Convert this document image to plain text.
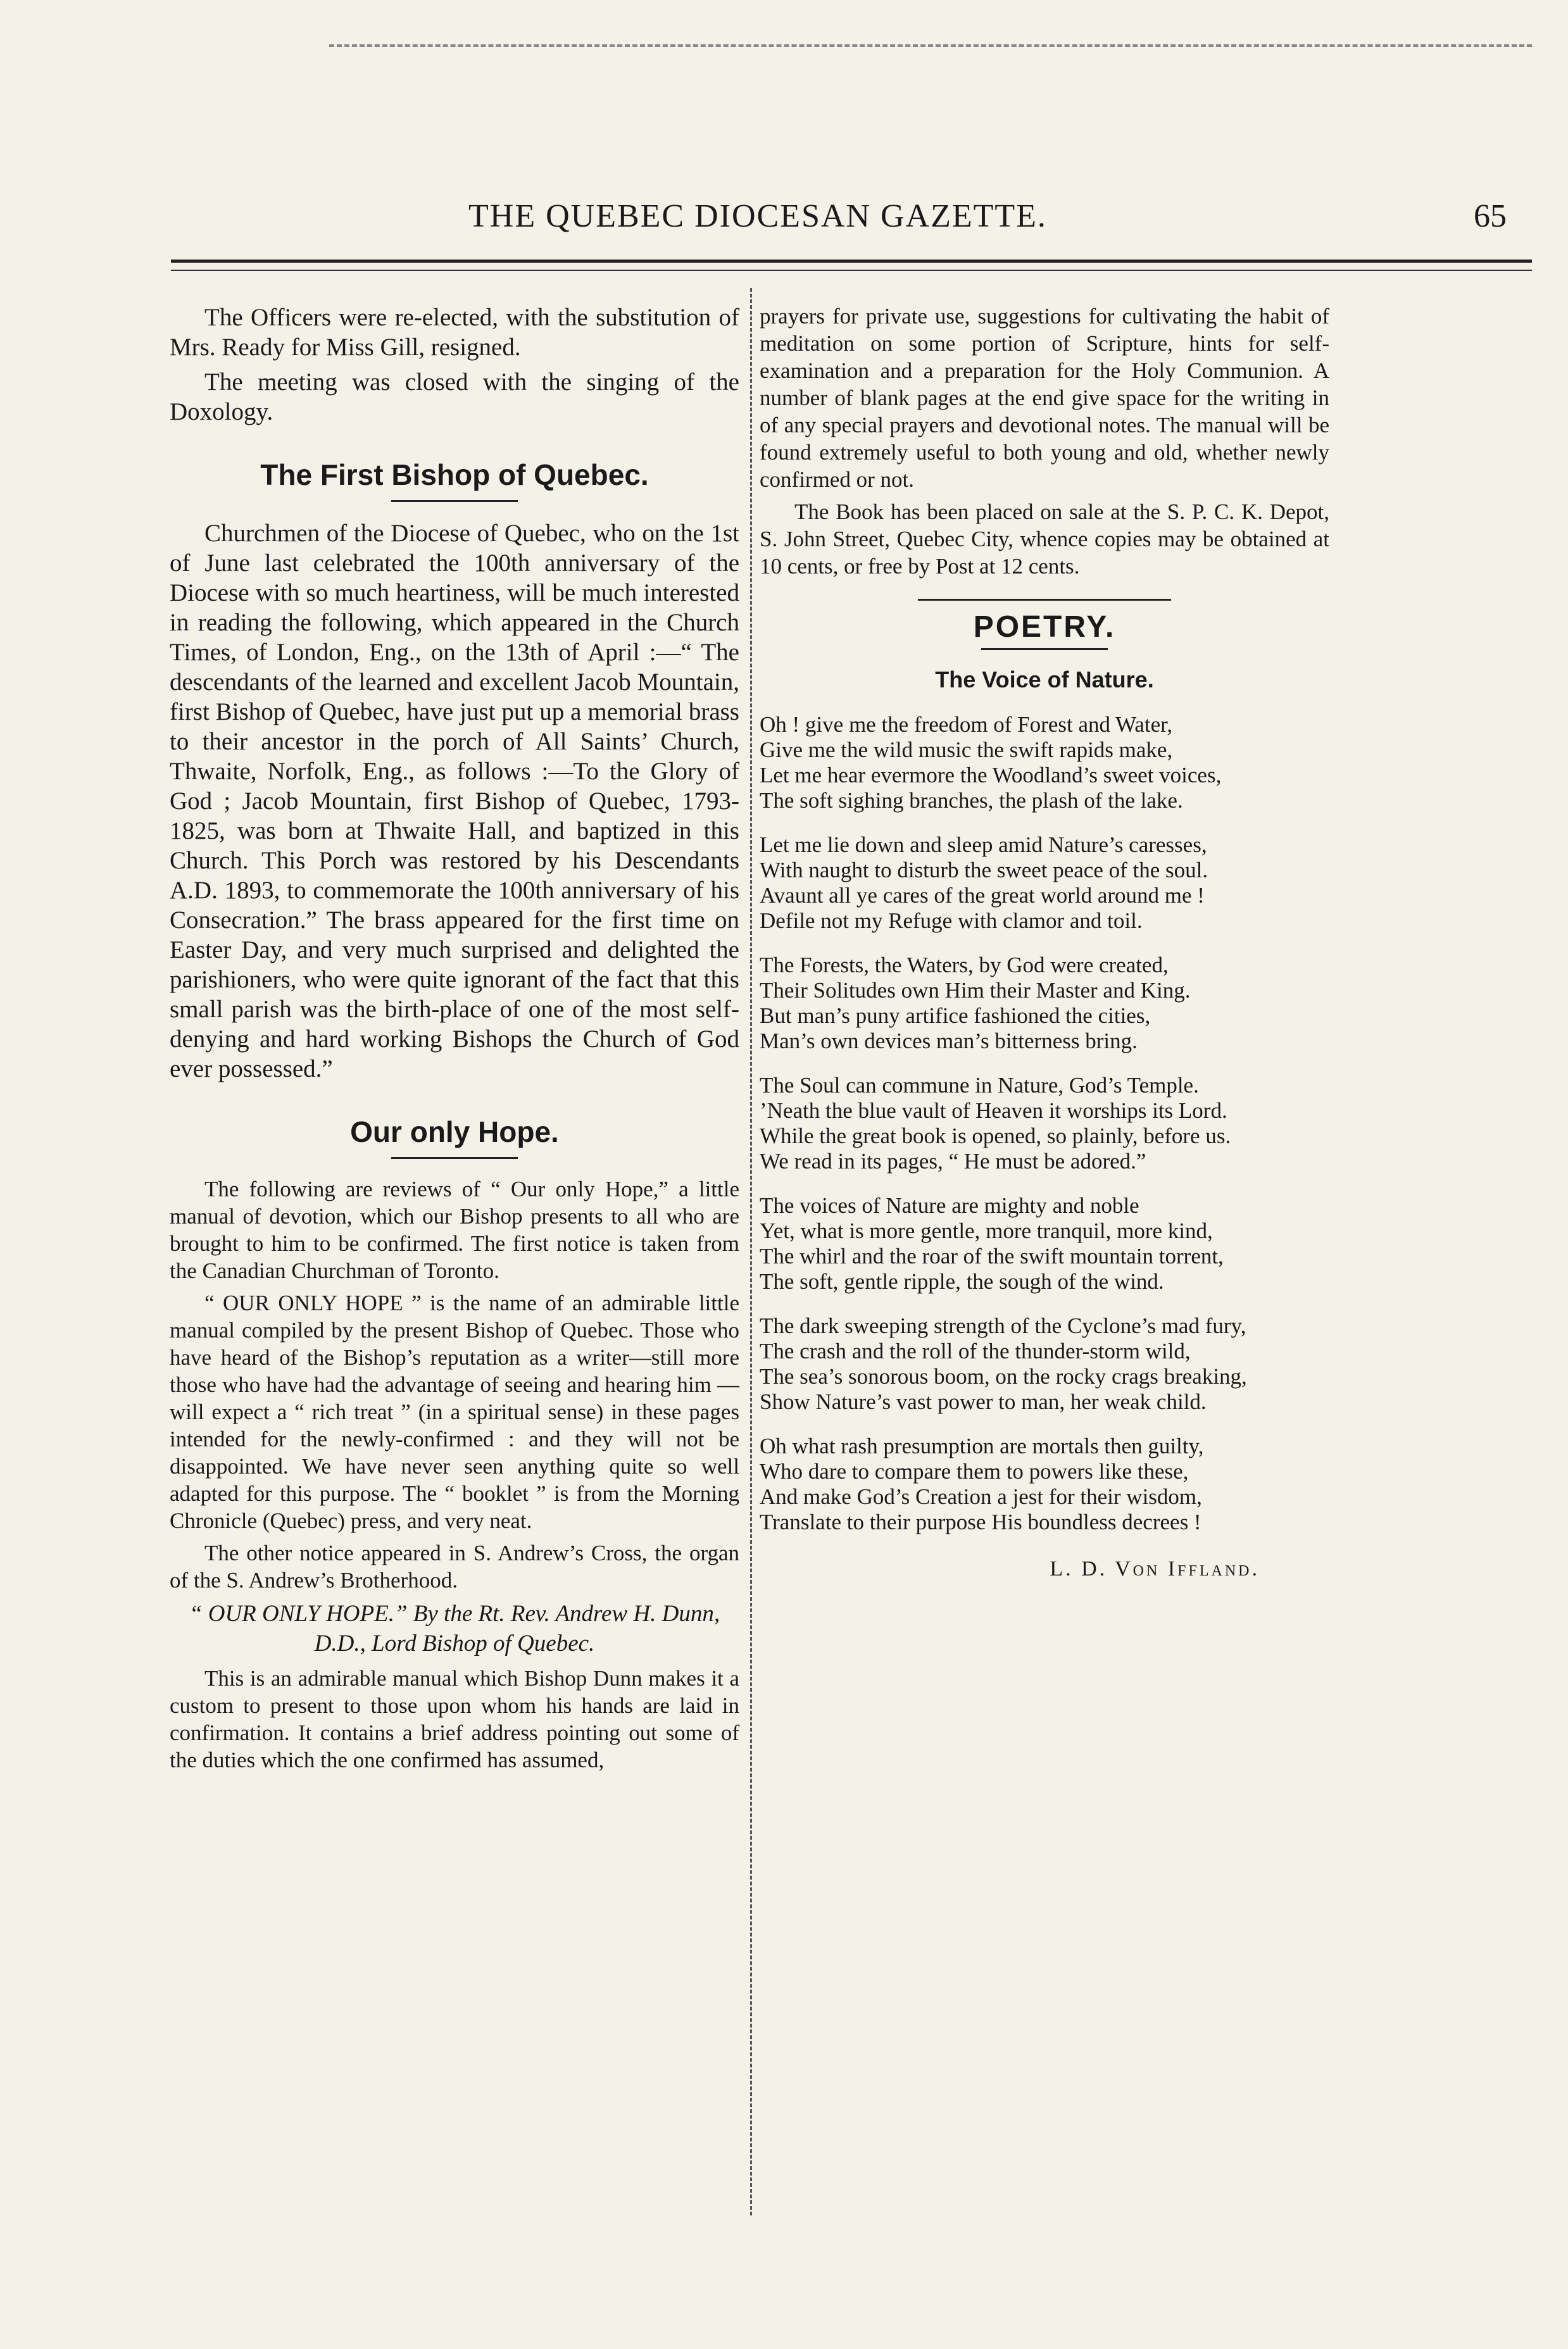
THE QUEBEC DIOCESAN GAZETTE.	65

The Officers were re-elected, with the substitution of Mrs. Ready for Miss Gill, resigned.

The meeting was closed with the singing of the Doxology.

The First Bishop of Quebec.

Churchmen of the Diocese of Quebec, who on the 1st of June last celebrated the 100th anniversary of the Diocese with so much heartiness, will be much interested in reading the following, which appeared in the Church Times, of London, Eng., on the 13th of April :—“ The descendants of the learned and excellent Jacob Mountain, first Bishop of Quebec, have just put up a memorial brass to their ancestor in the porch of All Saints’ Church, Thwaite, Norfolk, Eng., as follows :—To the Glory of God ; Jacob Mountain, first Bishop of Quebec, 1793-1825, was born at Thwaite Hall, and baptized in this Church. This Porch was restored by his Descendants A.D. 1893, to commemorate the 100th anniversary of his Consecration.” The brass appeared for the first time on Easter Day, and very much surprised and delighted the parishioners, who were quite ignorant of the fact that this small parish was the birth-place of one of the most self-denying and hard working Bishops the Church of God ever possessed.”

Our only Hope.

The following are reviews of “ Our only Hope,” a little manual of devotion, which our Bishop presents to all who are brought to him to be confirmed. The first notice is taken from the Canadian Churchman of Toronto.

“ OUR ONLY HOPE ” is the name of an admirable little manual compiled by the present Bishop of Quebec. Those who have heard of the Bishop’s reputation as a writer—still more those who have had the advantage of seeing and hearing him —will expect a “ rich treat ” (in a spiritual sense) in these pages intended for the newly-confirmed : and they will not be disappointed. We have never seen anything quite so well adapted for this purpose. The “ booklet ” is from the Morning Chronicle (Quebec) press, and very neat.

The other notice appeared in S. Andrew’s Cross, the organ of the S. Andrew’s Brotherhood.

“ OUR ONLY HOPE.” By the Rt. Rev. Andrew H. Dunn, D.D., Lord Bishop of Quebec.

This is an admirable manual which Bishop Dunn makes it a custom to present to those upon whom his hands are laid in confirmation. It contains a brief address pointing out some of the duties which the one confirmed has assumed,

prayers for private use, suggestions for cultivating the habit of meditation on some portion of Scripture, hints for self-examination and a preparation for the Holy Communion. A number of blank pages at the end give space for the writing in of any special prayers and devotional notes. The manual will be found extremely useful to both young and old, whether newly confirmed or not.

The Book has been placed on sale at the S. P. C. K. Depot, S. John Street, Quebec City, whence copies may be obtained at 10 cents, or free by Post at 12 cents.

POETRY.
The Voice of Nature.
Oh ! give me the freedom of Forest and Water,
Give me the wild music the swift rapids make,
Let me hear evermore the Woodland’s sweet voices,
The soft sighing branches, the plash of the lake.
Let me lie down and sleep amid Nature’s caresses,
With naught to disturb the sweet peace of the soul.
Avaunt all ye cares of the great world around me !
Defile not my Refuge with clamor and toil.
The Forests, the Waters, by God were created,
Their Solitudes own Him their Master and King.
But man’s puny artifice fashioned the cities,
Man’s own devices man’s bitterness bring.
The Soul can commune in Nature, God’s Temple.
’Neath the blue vault of Heaven it worships its Lord.
While the great book is opened, so plainly, before us.
We read in its pages, “ He must be adored.”
The voices of Nature are mighty and noble
Yet, what is more gentle, more tranquil, more kind,
The whirl and the roar of the swift mountain torrent,
The soft, gentle ripple, the sough of the wind.
The dark sweeping strength of the Cyclone’s mad fury,
The crash and the roll of the thunder-storm wild,
The sea’s sonorous boom, on the rocky crags breaking,
Show Nature’s vast power to man, her weak child.
Oh what rash presumption are mortals then guilty,
Who dare to compare them to powers like these,
And make God’s Creation a jest for their wisdom,
Translate to their purpose His boundless decrees !
L. D. Von Iffland.
